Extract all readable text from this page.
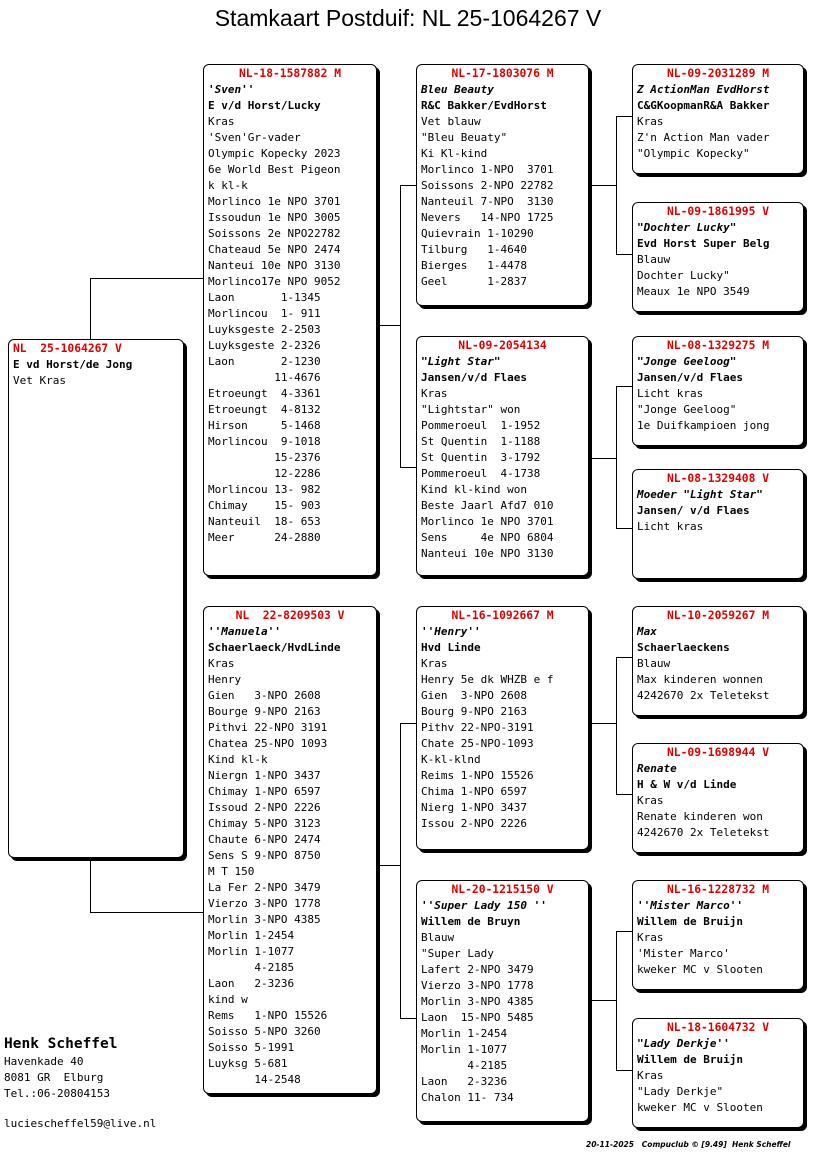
Stamkaart Postduif: NL 25-1064267 V
NL  25-1064267 V
E vd Horst/de Jong
Vet Kras
NL-18-1587882 M
'Sven''
E v/d Horst/Lucky
Kras
'Sven'Gr-vader
Olympic Kopecky 2023
6e World Best Pigeon
k kl-k
Morlinco 1e NPO 3701
Issoudun 1e NPO 3005
Soissons 2e NPO22782
Chateaud 5e NPO 2474
Nanteui 10e NPO 3130
Morlinco17e NPO 9052
Laon       1-1345
Morlincou  1- 911
Luyksgeste 2-2503
Luyksgeste 2-2326
Laon       2-1230
11-4676
Etroeungt  4-3361
Etroeungt  4-8132
Hirson     5-1468
Morlincou  9-1018
15-2376
12-2286
Morlincou 13- 982
Chimay    15- 903
Nanteuil  18- 653
Meer      24-2880
NL  22-8209503 V
''Manuela''
Schaerlaeck/HvdLinde
Kras
Henry
Gien   3-NPO 2608
Bourge 9-NPO 2163
Pithvi 22-NPO 3191
Chatea 25-NPO 1093
Kind kl-k
Niergn 1-NPO 3437
Chimay 1-NPO 6597
Issoud 2-NPO 2226
Chimay 5-NPO 3123
Chaute 6-NPO 2474
Sens S 9-NPO 8750
M T 150
La Fer 2-NPO 3479
Vierzo 3-NPO 1778
Morlin 3-NPO 4385
Morlin 1-2454
Morlin 1-1077
4-2185
Laon   2-3236
kind w
Rems   1-NPO 15526
Soisso 5-NPO 3260
Soisso 5-1991
Luyksg 5-681
14-2548
NL-17-1803076 M
Bleu Beauty
R&C Bakker/EvdHorst
Vet blauw
"Bleu Beuaty"
Ki Kl-kind
Morlinco 1-NPO  3701
Soissons 2-NPO 22782
Nanteuil 7-NPO  3130
Nevers   14-NPO 1725
Quievrain 1-10290
Tilburg   1-4640
Bierges   1-4478
Geel      1-2837
NL-09-2054134
"Light Star"
Jansen/v/d Flaes
Kras
"Lightstar" won
Pommeroeul  1-1952
St Quentin  1-1188
St Quentin  3-1792
Pommeroeul  4-1738
Kind kl-kind won
Beste Jaarl Afd7 010
Morlinco 1e NPO 3701
Sens     4e NPO 6804
Nanteui 10e NPO 3130
NL-16-1092667 M
''Henry''
Hvd Linde
Kras
Henry 5e dk WHZB e f
Gien  3-NPO 2608
Bourg 9-NPO 2163
Pithv 22-NPO-3191
Chate 25-NPO-1093
K-kl-klnd
Reims 1-NPO 15526
Chima 1-NPO 6597
Nierg 1-NPO 3437
Issou 2-NPO 2226
NL-20-1215150 V
''Super Lady 150 ''
Willem de Bruyn
Blauw
"Super Lady
Lafert 2-NPO 3479
Vierzo 3-NPO 1778
Morlin 3-NPO 4385
Laon  15-NPO 5485
Morlin 1-2454
Morlin 1-1077
4-2185
Laon   2-3236
Chalon 11- 734
NL-09-2031289 M
Z ActionMan EvdHorst
C&GKoopmanR&A Bakker
Kras
Z'n Action Man vader
"Olympic Kopecky"
NL-09-1861995 V
"Dochter Lucky"
Evd Horst Super Belg
Blauw
Dochter Lucky"
Meaux 1e NPO 3549
NL-08-1329275 M
"Jonge Geeloog"
Jansen/v/d Flaes
Licht kras
"Jonge Geeloog"
1e Duifkampioen jong
NL-08-1329408 V
Moeder "Light Star"
Jansen/ v/d Flaes
Licht kras
NL-10-2059267 M
Max
Schaerlaeckens
Blauw
Max kinderen wonnen
4242670 2x Teletekst
NL-09-1698944 V
Renate
H & W v/d Linde
Kras
Renate kinderen won
4242670 2x Teletekst
NL-16-1228732 M
''Mister Marco''
Willem de Bruijn
Kras
'Mister Marco'
kweker MC v Slooten
NL-18-1604732 V
"Lady Derkje''
Willem de Bruijn
Kras
"Lady Derkje"
kweker MC v Slooten
Henk Scheffel
Havenkade 40
8081 GR  Elburg
Tel.:06-20804153
luciescheffel59@live.nl
20-11-2025   Compuclub © [9.49]  Henk Scheffel
